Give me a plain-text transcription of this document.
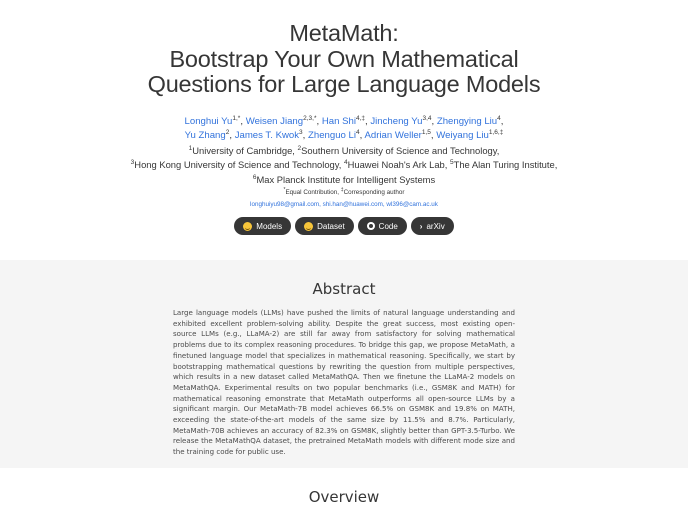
MetaMath:
Bootstrap Your Own Mathematical
Questions for Large Language Models
Longhui $Yu^{1,*}$, Weisen Jiang$^{2,3,*}$, Han Shi$^{4,\ddagger}$, Jincheng Yu$^{3,4}$, Zhengying Liu$^4$,
Yu Zhang$^2$, James T. Kwok$^3$, Zhenguo Li$^4$, Adrian Weller$^{1,5}$, Weiyang Liu$^{1,6,\ddagger}$
$^1$University of Cambridge, $^2$Southern University of Science and Technology,
$^3$Hong Kong University of Science and Technology, $^4$Huawei Noah's Ark Lab, $^5$The Alan Turing Institute,
$^6$Max Planck Institute for Intelligent Systems
*Equal Contribution, ‡Corresponding author
longhuiyu98@gmail.com, shi.han@huawei.com, wl396@cam.ac.uk
Models	Dataset	Code	› arXiv
Abstract
Large language models (LLMs) have pushed the limits of natural language understanding and exhibited excellent problem-solving ability. Despite the great success, most existing open-source LLMs (e.g., LLaMA-2) are still far away from satisfactory for solving mathematical problems due to its complex reasoning procedures. To bridge this gap, we propose MetaMath, a finetuned language model that specializes in mathematical reasoning. Specifically, we start by bootstrapping mathematical questions by rewriting the question from multiple perspectives, which results in a new dataset called MetaMathQA. Then we finetune the LLaMA-2 models on MetaMathQA. Experimental results on two popular benchmarks (i.e., GSM8K and MATH) for mathematical reasoning emonstrate that MetaMath outperforms all open-source LLMs by a significant margin. Our MetaMath-7B model achieves 66.5% on GSM8K and 19.8% on MATH, exceeding the state-of-the-art models of the same size by 11.5% and 8.7%. Particularly, MetaMath-70B achieves an accuracy of 82.3% on GSM8K, slightly better than GPT-3.5-Turbo. We release the MetaMathQA dataset, the pretrained MetaMath models with different mode size and the training code for public use.
Overview
